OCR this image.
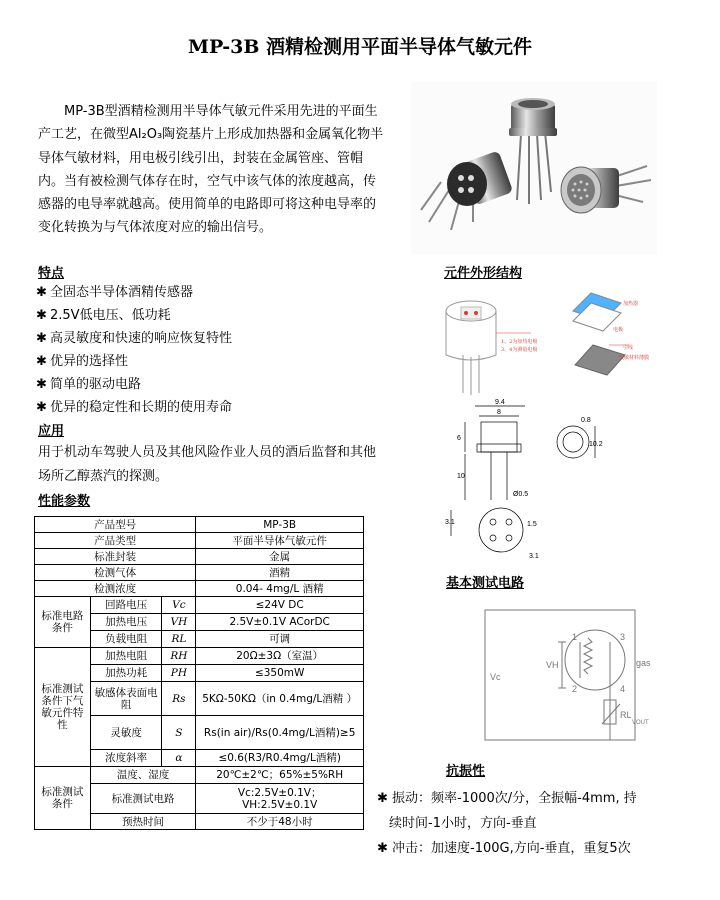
MP-3B 酒精检测用平面半导体气敏元件
MP-3B型酒精检测用半导体气敏元件采用先进的平面生产工艺，在微型Al₂O₃陶瓷基片上形成加热器和金属氧化物半导体气敏材料，用电极引线引出，封装在金属管座、管帽内。当有被检测气体存在时，空气中该气体的浓度越高，传感器的电导率就越高。使用简单的电路即可将这种电导率的变化转换为与气体浓度对应的输出信号。
特点
✱ 全固态半导体酒精传感器
✱ 2.5V低电压、低功耗
✱ 高灵敏度和快速的响应恢复特性
✱ 优异的选择性
✱ 简单的驱动电路
✱ 优异的稳定性和长期的使用寿命
应用
用于机动车驾驶人员及其他风险作业人员的酒后监督和其他场所乙醇蒸汽的探测。
性能参数
产品型号			MP-3B
产品类型			平面半导体气敏元件
标准封装			金属
检测气体			酒精
检测浓度			0.04- 4mg/L 酒精
标准电路条件	回路电压	Vc	≤24V DC
	加热电压	VH	2.5V±0.1V ACorDC
	负载电阻	RL	可调
标准测试条件下气敏元件特性	加热电阻	RH	20Ω±3Ω（室温）
	加热功耗	PH	≤350mW
	敏感体表面电阻	Rs	5KΩ-50KΩ（in 0.4mg/L酒精 ）
	灵敏度	S	Rs(in air)/Rs(0.4mg/L酒精)≥5
	浓度斜率	α	≤0.6(R3/R0.4mg/L酒精)
标准测试条件	温度、湿度		20℃±2℃；65%±5%RH
	标准测试电路		Vc:2.5V±0.1V；
VH:2.5V±0.1V

	预热时间		不少于48小时
元件外形结构
1、2为加热电极
3、4为测量电极
加热器
电极
引线
气敏材料薄膜
9.4
8
0.8
6
10.2
10
Ø0.5
3.1	1.5
3.1
基本测试电路
Vc
VH
RL
VOUT
gas
1
2
3
4
抗振性
✱ 振动：频率-1000次/分，全振幅-4mm, 持
续时间-1小时，方向-垂直
✱ 冲击：加速度-100G,方向-垂直，重复5次
